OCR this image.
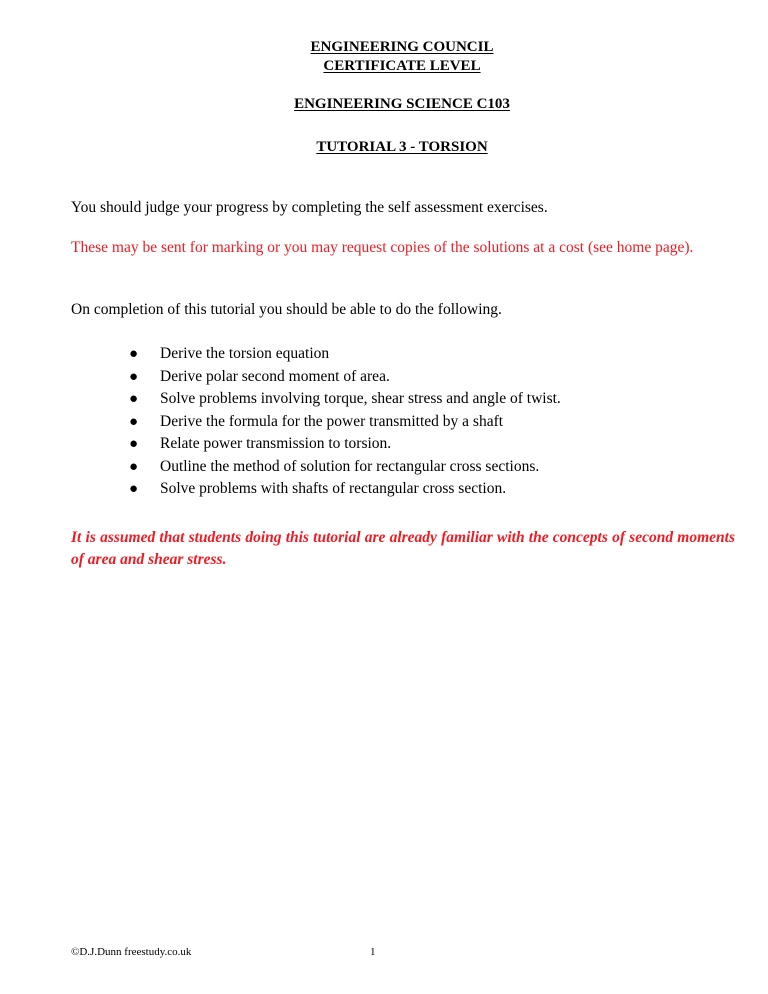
ENGINEERING COUNCIL
CERTIFICATE LEVEL
ENGINEERING SCIENCE C103
TUTORIAL 3 - TORSION

You should judge your progress by completing the self assessment exercises.

These may be sent for marking or you may request copies of the solutions at a cost (see home page).

On completion of this tutorial you should be able to do the following.

● Derive the torsion equation
● Derive polar second moment of area.
● Solve problems involving torque, shear stress and angle of twist.
● Derive the formula for the power transmitted by a shaft
● Relate power transmission to torsion.
● Outline the method of solution for rectangular cross sections.
● Solve problems with shafts of rectangular cross section.

It is assumed that students doing this tutorial are already familiar with the concepts of second moments of area and shear stress.

©D.J.Dunn freestudy.co.uk	1
